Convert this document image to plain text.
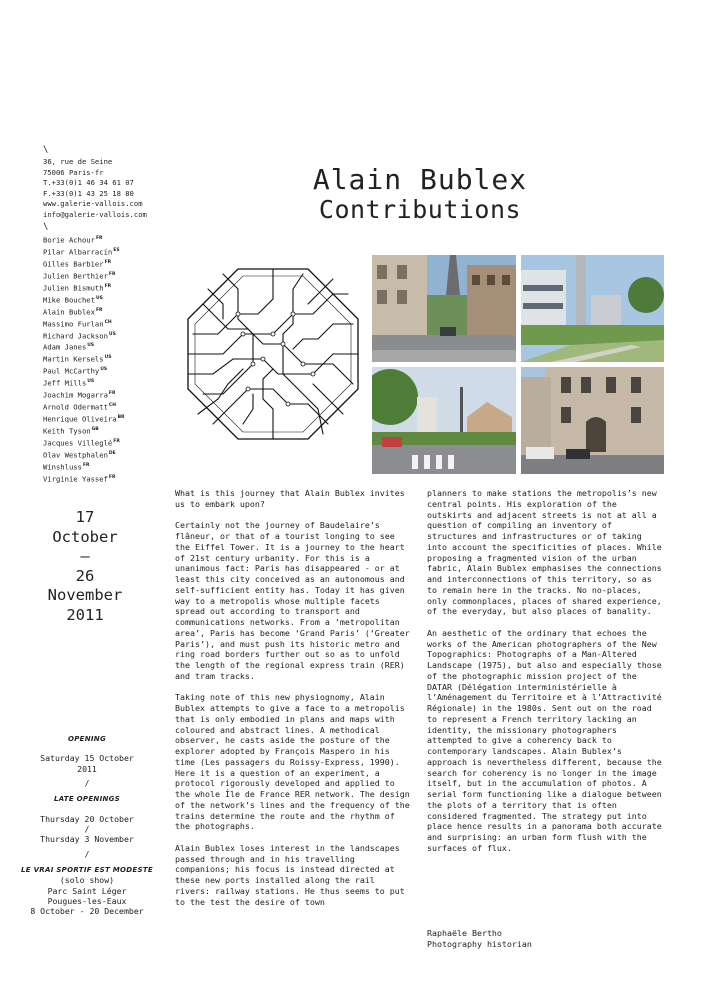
\
36, rue de Seine
75006 Paris-fr
T.+33(0)1 46 34 61 07
F.+33(0)1 43 25 18 80
www.galerie-vallois.com
info@galerie-vallois.com
\
Borie Achour$^{FR}$
Pilar Albarracín$^{ES}$
Gilles Barbier$^{FR}$
Julien Berthier$^{FR}$
Julien Bismuth$^{FR}$
Mike Bouchet$^{US}$
Alain Bublex$^{FR}$
Massimo Furlan$^{CH}$
Richard Jackson$^{US}$
Adam Janes$^{US}$
Martin Kersels$^{US}$
Paul McCarthy$^{US}$
Jeff Mills$^{US}$
Joachim Mogarra$^{FR}$
Arnold Odermatt$^{CH}$
Henrique Oliveira$^{BR}$
Keith Tyson$^{GB}$
Jacques Villeglé$^{FR}$
Olav Westphalen$^{DE}$
Winshluss$^{FR}$
Virginie Yassef$^{FR}$
Alain Bublex
Contributions
17
October
–
26
November
2011
OPENING
Saturday 15 October 2011
/
LATE OPENINGS
Thursday 20 October
/
Thursday 3 November
/
LE VRAI SPORTIF EST MODESTE
(solo show)
Parc Saint Léger
Pougues-les-Eaux
8 October - 20 December

What is this journey that Alain Bublex invites us to embark upon?

Certainly not the journey of Baudelaire’s flâneur, or that of a tourist longing to see the Eiffel Tower. It is a journey to the heart of 21st century urbanity. For this is a unanimous fact: Paris has disappeared - or at least this city conceived as an autonomous and self-sufficient entity has. Today it has given way to a metropolis whose multiple facets spread out according to transport and communications networks. From a ‘metropolitan area’, Paris has become ‘Grand Paris’ (‘Greater Paris’), and must push its historic metro and ring road borders further out so as to unfold the length of the regional express train (RER) and tram tracks.

Taking note of this new physiognomy, Alain Bublex attempts to give a face to a metropolis that is only embodied in plans and maps with coloured and abstract lines. A methodical observer, he casts aside the posture of the explorer adopted by François Maspero in his time (Les passagers du Roissy-Express, 1990). Here it is a question of an experiment, a protocol rigorously developed and applied to the whole Île de France RER network. The design of the network’s lines and the frequency of the trains determine the route and the rhythm of the photographs.

Alain Bublex loses interest in the landscapes passed through and in his travelling companions; his focus is instead directed at these new ports installed along the rail rivers: railway stations. He thus seems to put to the test the desire of town

planners to make stations the metropolis’s new central points. His exploration of the outskirts and adjacent streets is not at all a question of compiling an inventory of structures and infrastructures or of taking into account the specificities of places. While proposing a fragmented vision of the urban fabric, Alain Bublex emphasises the connections and interconnections of this territory, so as to remain here in the tracks. No no-places, only commonplaces, places of shared experience, of the everyday, but also places of banality.

An aesthetic of the ordinary that echoes the works of the American photographers of the New Topographics: Photographs of a Man-Altered Landscape (1975), but also and especially those of the photographic mission project of the DATAR (Délégation interministérielle à l’Aménagement du Territoire et à l’Attractivité Régionale) in the 1980s. Sent out on the road to represent a French territory lacking an identity, the missionary photographers attempted to give a coherency back to contemporary landscapes. Alain Bublex’s approach is nevertheless different, because the search for coherency is no longer in the image itself, but in the accumulation of photos. A serial form functioning like a dialogue between the plots of a territory that is often considered fragmented. The strategy put into place hence results in a panorama both accurate and surprising: an urban form flush with the surfaces of flux.

Raphaële Bertho
Photography historian
